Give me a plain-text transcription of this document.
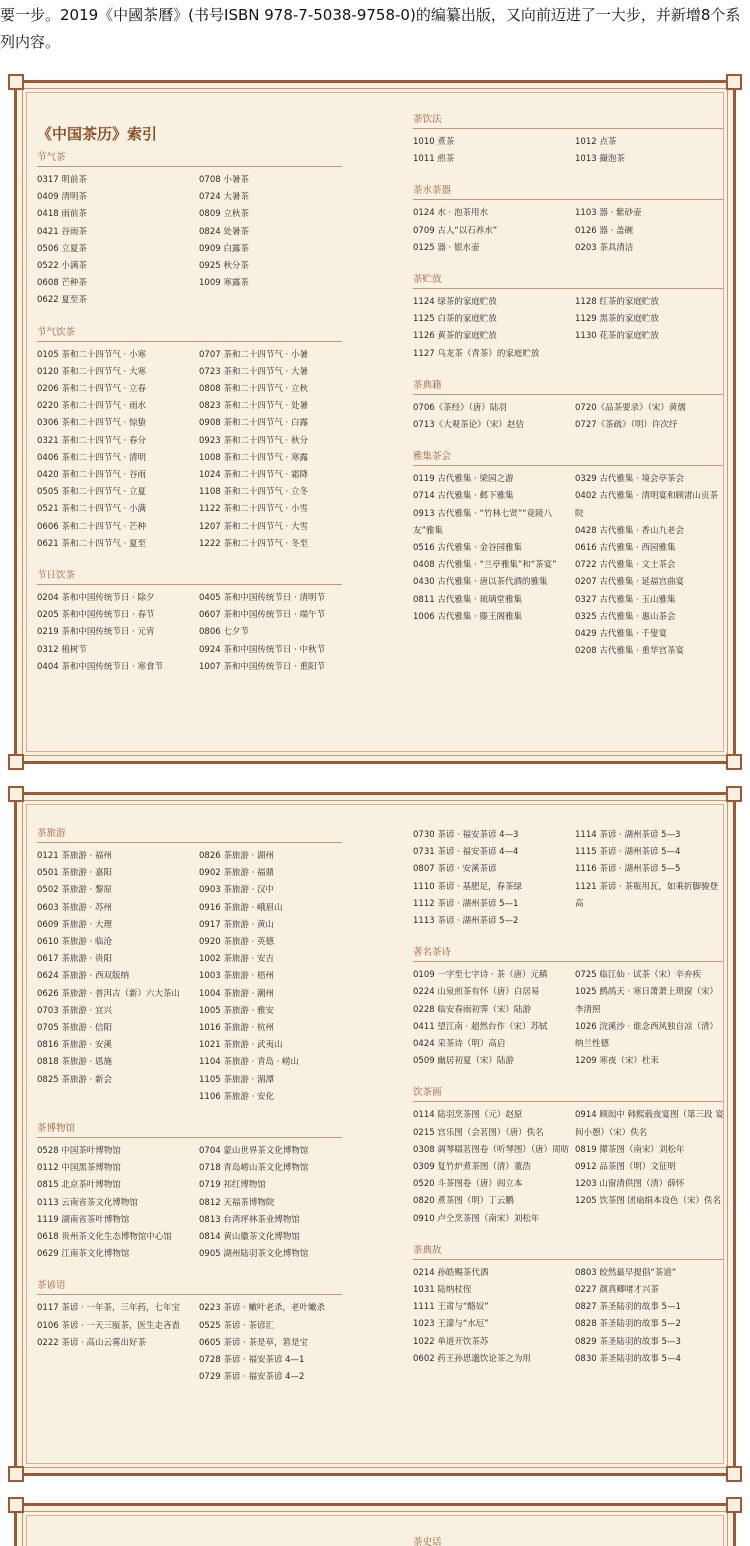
要一步。2019《中國茶曆》(书号ISBN 978-7-5038-9758-0)的编纂出版，又向前迈进了一大步，并新增8个系列内容。
《中国茶历》索引
节气茶
0317 明前茶
0409 清明茶
0418 雨前茶
0421 谷雨茶
0506 立夏茶
0522 小满茶
0608 芒种茶
0622 夏至茶
0708 小暑茶
0724 大暑茶
0809 立秋茶
0824 处暑茶
0909 白露茶
0925 秋分茶
1009 寒露茶
节气饮茶
0105 茶和二十四节气 · 小寒
0120 茶和二十四节气 · 大寒
0206 茶和二十四节气 · 立春
0220 茶和二十四节气 · 雨水
0306 茶和二十四节气 · 惊蛰
0321 茶和二十四节气 · 春分
0406 茶和二十四节气 · 清明
0420 茶和二十四节气 · 谷雨
0505 茶和二十四节气 · 立夏
0521 茶和二十四节气 · 小满
0606 茶和二十四节气 · 芒种
0621 茶和二十四节气 · 夏至
0707 茶和二十四节气 · 小暑
0723 茶和二十四节气 · 大暑
0808 茶和二十四节气 · 立秋
0823 茶和二十四节气 · 处暑
0908 茶和二十四节气 · 白露
0923 茶和二十四节气 · 秋分
1008 茶和二十四节气 · 寒露
1024 茶和二十四节气 · 霜降
1108 茶和二十四节气 · 立冬
1122 茶和二十四节气 · 小雪
1207 茶和二十四节气 · 大雪
1222 茶和二十四节气 · 冬至
节日饮茶
0204 茶和中国传统节日 · 除夕
0205 茶和中国传统节日 · 春节
0219 茶和中国传统节日 · 元宵
0312 植树节
0404 茶和中国传统节日 · 寒食节
0405 茶和中国传统节日 · 清明节
0607 茶和中国传统节日 · 端午节
0806 七夕节
0924 茶和中国传统节日 · 中秋节
1007 茶和中国传统节日 · 重阳节
茶饮法
1010 煮茶
1011 煎茶
1012 点茶
1013 撮泡茶
茶水茶器
0124 水 · 泡茶用水
0709 古人“以石养水”
0125 器 · 银水壶
1103 器 · 紫砂壶
0126 器 · 盖碗
0203 茶具清洁
茶贮放
1124 绿茶的家庭贮放
1125 白茶的家庭贮放
1126 黄茶的家庭贮放
1127 乌龙茶（青茶）的家庭贮放
1128 红茶的家庭贮放
1129 黑茶的家庭贮放
1130 花茶的家庭贮放
茶典籍
0706《茶经》（唐）陆羽
0713《大观茶论》（宋）赵佶
0720《品茶要录》（宋）黄儒
0727《茶疏》（明）许次纾
雅集茶会
0119 古代雅集 · 梁园之游
0714 古代雅集 · 邺下雅集
0913 古代雅集 · “竹林七贤”“竟陵八友”雅集
0516 古代雅集 · 金谷园雅集
0408 古代雅集 · “兰亭雅集”和“茶宴”
0430 古代雅集 · 唐以茶代酒的雅集
0811 古代雅集 · 琉璃堂雅集
1006 古代雅集 · 滕王阁雅集
0329 古代雅集 · 境会亭茶会
0402 古代雅集 · 清明宴和顾渚山贡茶院
0428 古代雅集 · 香山九老会
0616 古代雅集 · 西园雅集
0722 古代雅集 · 文士茶会
0207 古代雅集 · 延福宫曲宴
0327 古代雅集 · 玉山雅集
0325 古代雅集 · 惠山茶会
0429 古代雅集 · 千叟宴
0208 古代雅集 · 重华宫茶宴
茶旅游
0121 茶旅游 · 福州
0501 茶旅游 · 嘉阳
0502 茶旅游 · 黎原
0603 茶旅游 · 苏州
0609 茶旅游 · 大理
0610 茶旅游 · 临沧
0617 茶旅游 · 贵阳
0624 茶旅游 · 西双版纳
0626 茶旅游 · 普洱古（新）六大茶山
0703 茶旅游 · 宜兴
0705 茶旅游 · 信阳
0816 茶旅游 · 安溪
0818 茶旅游 · 恩施
0825 茶旅游 · 新会
0826 茶旅游 · 湖州
0902 茶旅游 · 福鼎
0903 茶旅游 · 汉中
0916 茶旅游 · 峨眉山
0917 茶旅游 · 黄山
0920 茶旅游 · 英德
1002 茶旅游 · 安吉
1003 茶旅游 · 梧州
1004 茶旅游 · 潮州
1005 茶旅游 · 雅安
1016 茶旅游 · 杭州
1021 茶旅游 · 武夷山
1104 茶旅游 · 青岛 · 崂山
1105 茶旅游 · 湄潭
1106 茶旅游 · 安化
茶博物馆
0528 中国茶叶博物馆
0112 中国黑茶博物馆
0815 北京茶叶博物馆
0113 云南省茶文化博物馆
1119 湖南省茶叶博物馆
0618 贵州茶文化生态博物馆中心馆
0629 江南茶文化博物馆
0704 蒙山世界茶文化博物馆
0718 青岛崂山茶文化博物馆
0719 祁红博物馆
0812 天福茶博物院
0813 台湾坪林茶业博物馆
0814 黄山徽茶文化博物馆
0905 湖州陆羽茶文化博物馆
茶谚语
0117 茶谚 · 一年茶，三年药，七年宝
0106 茶谚 · 一天三瓯茶，医生走吝啬
0222 茶谚 · 高山云雾出好茶
0223 茶谚 · 嫩叶老杀，老叶嫩杀
0525 茶谚 · 茶谚汇
0605 茶谚 · 茶是草，箬是宝
0728 茶谚 · 福安茶谚 4—1
0729 茶谚 · 福安茶谚 4—2
0730 茶谚 · 福安茶谚 4—3
0731 茶谚 · 福安茶谚 4—4
0807 茶谚 · 安溪茶谚
1110 茶谚 · 基肥足，春茶绿
1112 茶谚 · 湖州茶谚 5—1
1113 茶谚 · 湖州茶谚 5—2
1114 茶谚 · 湖州茶谚 5—3
1115 茶谚 · 湖州茶谚 5—4
1116 茶谚 · 湖州茶谚 5—5
1121 茶谚 · 茶瓶用瓦，如乘折脚骏登高
著名茶诗
0109 一字至七字诗 · 茶（唐）元稹
0224 山泉煎茶有怀（唐）白居易
0228 临安春雨初霁（宋）陆游
0411 望江南 · 超然台作（宋）苏轼
0424 采茶诗（明）高启
0509 幽居初夏（宋）陆游
0725 临江仙 · 试茶（宋）辛弃疾
1025 鹧鸪天 · 寒日萧萧上琐窗（宋）李清照
1026 浣溪沙 · 谁念西风独自凉（清）纳兰性德
1209 寒夜（宋）杜耒
饮茶画
0114 陆羽烹茶图（元）赵原
0215 宫乐图（会茗图）（唐）佚名
0308 调琴啜茗图卷（听琴图）（唐）周昉
0309 复竹炉煮茶图（清）董浩
0520 斗茶图卷（唐）阎立本
0820 煮茶图（明）丁云鹏
0910 卢仝烹茶图（南宋）刘松年
0914 顾闳中 韩熙载夜宴图（第三段 宴间小憩）（宋）佚名
0819 撵茶图（南宋）刘松年
0912 品茶图（明）文征明
1203 山窗清供图（清）薛怀
1205 饮茶图 团扇绢本设色（宋）佚名
茶典故
0214 孙皓赐茶代酒
1031 陆纳杖侄
1111 王肃与“酪奴”
1023 王濛与“水厄”
1022 单道开饮茶苏
0602 药王孙思邈饮论茶之为用
0803 皎然最早提倡“茶道”
0227 颜真卿啫才兴茶
0827 茶圣陆羽的故事 5—1
0828 茶圣陆羽的故事 5—2
0829 茶圣陆羽的故事 5—3
0830 茶圣陆羽的故事 5—4
茶史话
